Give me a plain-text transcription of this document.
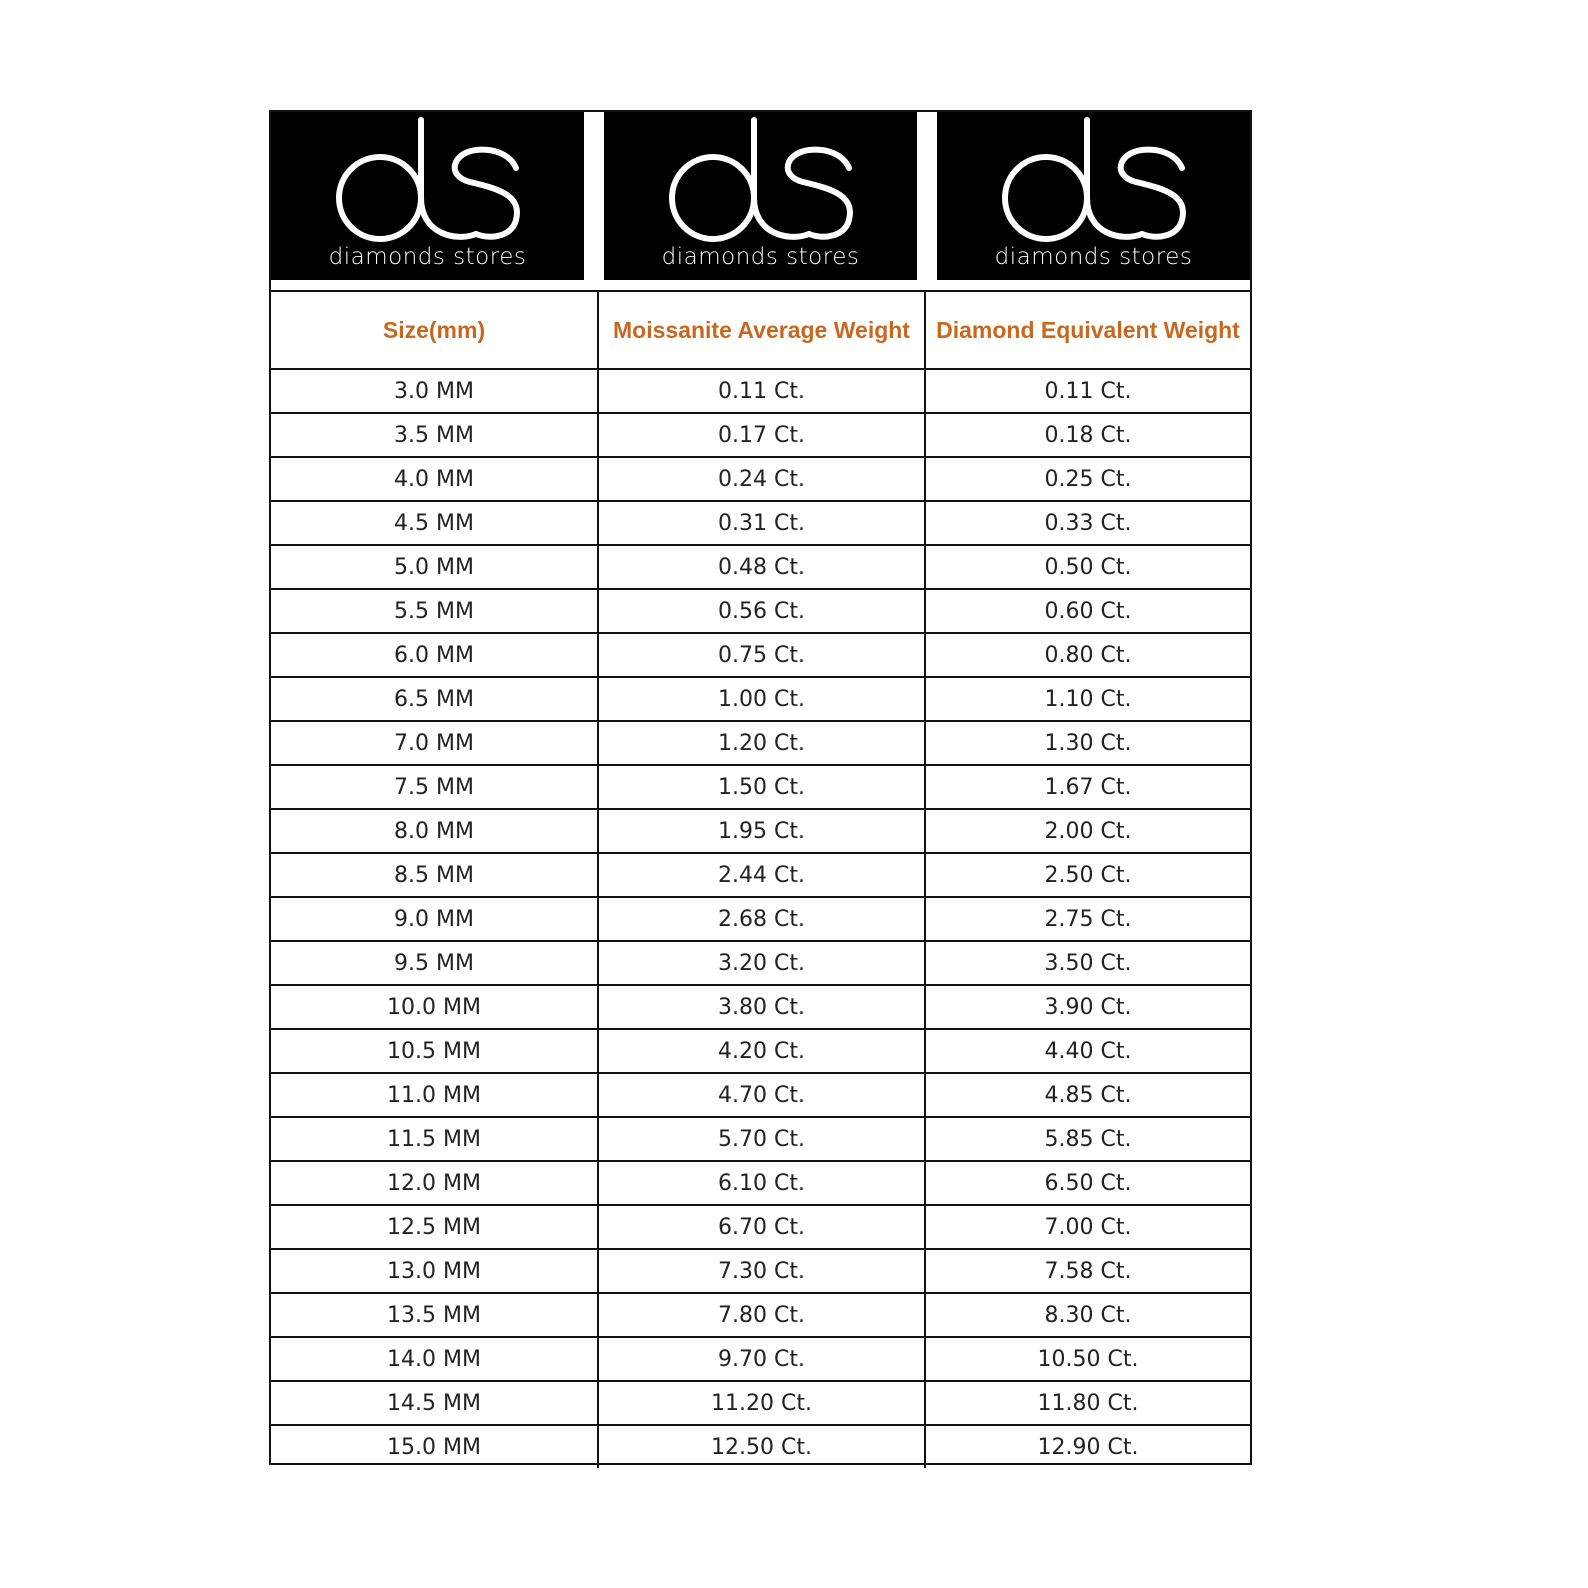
diamonds stores	diamonds stores	diamonds stores
Size(mm)	Moissanite Average Weight	Diamond Equivalent Weight
3.0 MM	0.11 Ct.	0.11 Ct.
3.5 MM	0.17 Ct.	0.18 Ct.
4.0 MM	0.24 Ct.	0.25 Ct.
4.5 MM	0.31 Ct.	0.33 Ct.
5.0 MM	0.48 Ct.	0.50 Ct.
5.5 MM	0.56 Ct.	0.60 Ct.
6.0 MM	0.75 Ct.	0.80 Ct.
6.5 MM	1.00 Ct.	1.10 Ct.
7.0 MM	1.20 Ct.	1.30 Ct.
7.5 MM	1.50 Ct.	1.67 Ct.
8.0 MM	1.95 Ct.	2.00 Ct.
8.5 MM	2.44 Ct.	2.50 Ct.
9.0 MM	2.68 Ct.	2.75 Ct.
9.5 MM	3.20 Ct.	3.50 Ct.
10.0 MM	3.80 Ct.	3.90 Ct.
10.5 MM	4.20 Ct.	4.40 Ct.
11.0 MM	4.70 Ct.	4.85 Ct.
11.5 MM	5.70 Ct.	5.85 Ct.
12.0 MM	6.10 Ct.	6.50 Ct.
12.5 MM	6.70 Ct.	7.00 Ct.
13.0 MM	7.30 Ct.	7.58 Ct.
13.5 MM	7.80 Ct.	8.30 Ct.
14.0 MM	9.70 Ct.	10.50 Ct.
14.5 MM	11.20 Ct.	11.80 Ct.
15.0 MM	12.50 Ct.	12.90 Ct.
